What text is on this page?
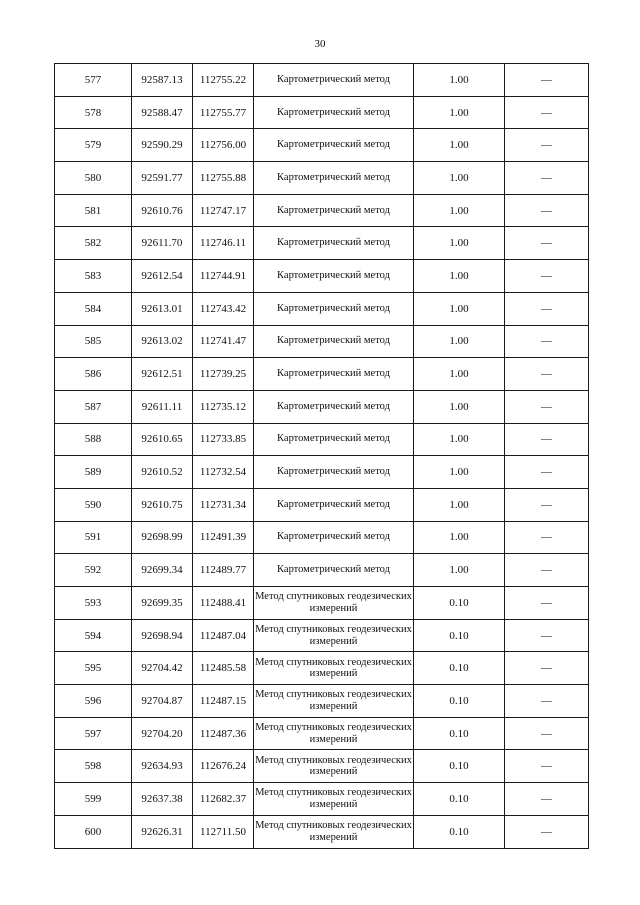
30
577	92587.13	112755.22	Картометрический метод	1.00	—
578	92588.47	112755.77	Картометрический метод	1.00	—
579	92590.29	112756.00	Картометрический метод	1.00	—
580	92591.77	112755.88	Картометрический метод	1.00	—
581	92610.76	112747.17	Картометрический метод	1.00	—
582	92611.70	112746.11	Картометрический метод	1.00	—
583	92612.54	112744.91	Картометрический метод	1.00	—
584	92613.01	112743.42	Картометрический метод	1.00	—
585	92613.02	112741.47	Картометрический метод	1.00	—
586	92612.51	112739.25	Картометрический метод	1.00	—
587	92611.11	112735.12	Картометрический метод	1.00	—
588	92610.65	112733.85	Картометрический метод	1.00	—
589	92610.52	112732.54	Картометрический метод	1.00	—
590	92610.75	112731.34	Картометрический метод	1.00	—
591	92698.99	112491.39	Картометрический метод	1.00	—
592	92699.34	112489.77	Картометрический метод	1.00	—
593	92699.35	112488.41	Метод спутниковых геодезических измерений	0.10	—
594	92698.94	112487.04	Метод спутниковых геодезических измерений	0.10	—
595	92704.42	112485.58	Метод спутниковых геодезических измерений	0.10	—
596	92704.87	112487.15	Метод спутниковых геодезических измерений	0.10	—
597	92704.20	112487.36	Метод спутниковых геодезических измерений	0.10	—
598	92634.93	112676.24	Метод спутниковых геодезических измерений	0.10	—
599	92637.38	112682.37	Метод спутниковых геодезических измерений	0.10	—
600	92626.31	112711.50	Метод спутниковых геодезических измерений	0.10	—
